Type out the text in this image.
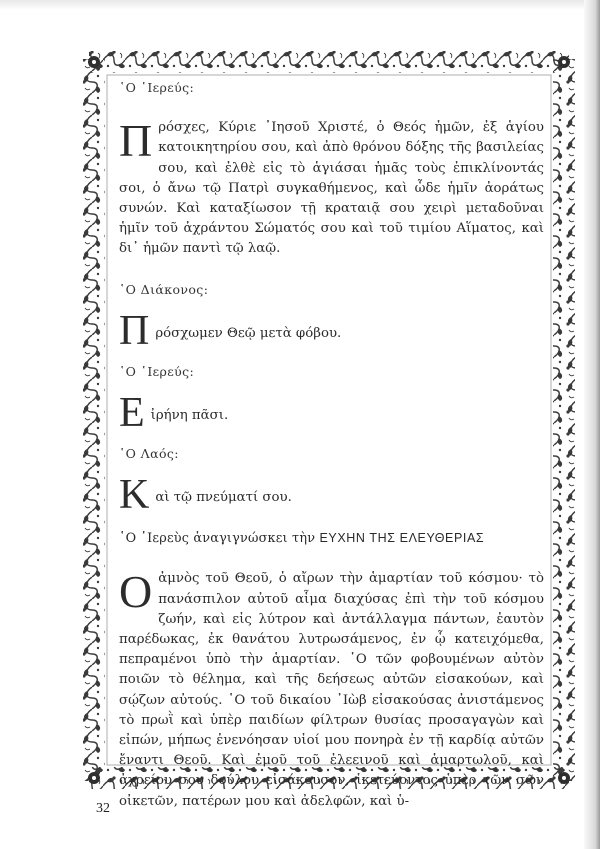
῾Ο ῾Ιερεύς:

Πρόσχες, Κύριε ᾿Ιησοῦ Χριστέ, ὁ Θεός ἡμῶν, ἐξ ἁγίου κατοικητηρίου σου, καὶ ἀπὸ θρόνου δόξης τῆς βασιλείας σου, καὶ ἐλθὲ εἰς τὸ ἁγιάσαι ἡμᾶς τοὺς ἐπικλίνοντάς σοι, ὁ ἄνω τῷ Πατρὶ συγκαθήμενος, καὶ ὧδε ἡμῖν ἀοράτως συνών. Καὶ καταξίωσον τῇ κραταιᾷ σου χειρὶ μεταδοῦναι ἡμῖν τοῦ ἀχράντου Σώματός σου καὶ τοῦ τιμίου Αἵματος, καὶ δι᾿ ἡμῶν παντὶ τῷ λαῷ.

῾Ο Διάκονος:

Π ρόσχωμεν Θεῷ μετὰ φόβου.

῾Ο ῾Ιερεύς:

Ε ἰρήνη πᾶσι.

῾Ο Λαός:

Κ αὶ τῷ πνεύματί σου.

῾Ο ῾Ιερεὺς ἀναγιγνώσκει τὴν ΕΥΧΗΝ ΤΗΣ ΕΛΕΥΘΕΡΙΑΣ

Οἀμνὸς τοῦ Θεοῦ, ὁ αἴρων τὴν ἁμαρτίαν τοῦ κόσμου· τὸ πανάσπιλον αὐτοῦ αἷμα διαχύσας ἐπὶ τὴν τοῦ κόσμου ζωήν, καὶ εἰς λύτρον καὶ ἀντάλλαγμα πάντων, ἑαυτὸν παρέδωκας, ἐκ θανάτου λυτρωσάμενος, ἐν ᾧ κατειχόμεθα, πεπραμένοι ὑπὸ τὴν ἁμαρτίαν. ῾Ο τῶν φοβουμένων αὐτὸν ποιῶν τὸ θέλημα, καὶ τῆς δεήσεως αὐτῶν εἰσακούων, καὶ σῴζων αὐτούς. ῾Ο τοῦ δικαίου ᾿Ιὼβ εἰσακούσας ἀνιστάμενος τὸ πρωῒ καὶ ὑπὲρ παιδίων φίλτρων θυσίας προσαγαγὼν καὶ εἰπών, μήπως ἐνενόησαν υἱοί μου πονηρὰ ἐν τῇ καρδίᾳ αὐτῶν ἔναντι Θεοῦ. Καὶ ἐμοῦ τοῦ ἐλεεινοῦ καὶ ἁμαρτωλοῦ, καὶ ἀχρείου σου δούλου εἰσάκουσον, ἱκετεύοντος ὑπὲρ τῶν σῶν οἰκετῶν, πατέρων μου καὶ ἀδελφῶν, καὶ ὑ-

32
